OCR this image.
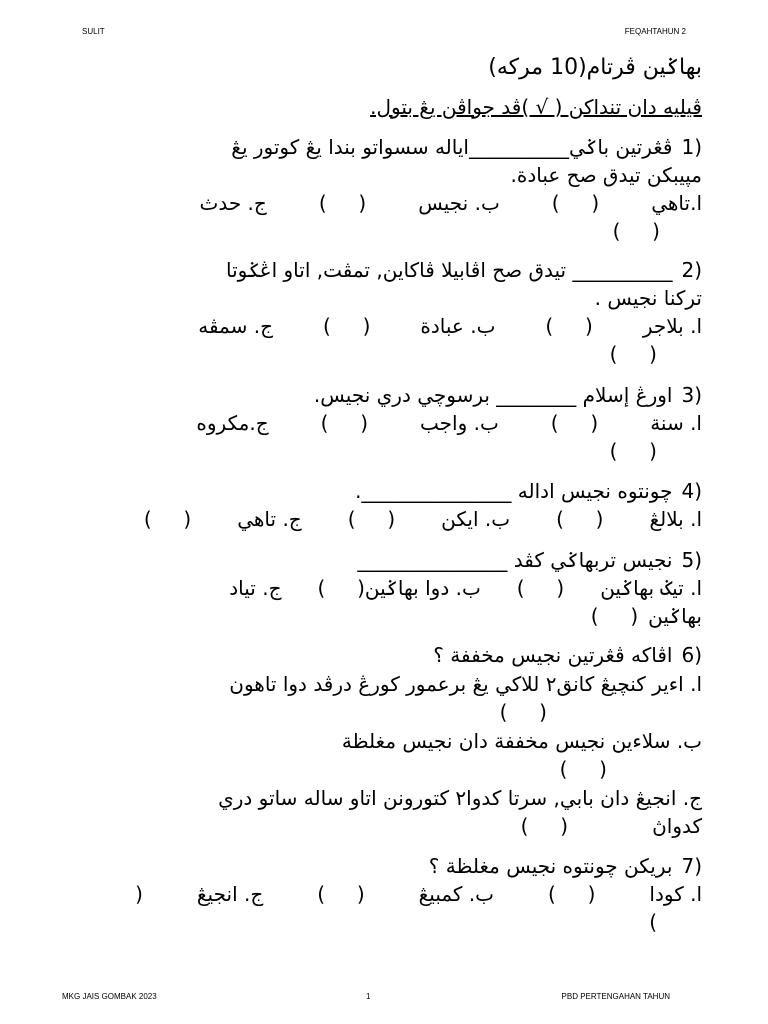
SULIT	FEQAHTAHUN 2
بهاݢين ڤرتام(10 مركه)
ڤيليه دان تنداكن ( √ )ڤد جواڤن يڠ بتول.
1)ڤڠرتين باݢي__________اياله سسواتو بندا يڠ كوتور يڠ
مپيبكن تيدق صح عبادة.
ا.تاهي
(     )
ب. نجيس
(     )
ج. حدث
(     )
2)__________ تيدق صح اڤابيلا ڤاكاين, تمڤت, اتاو اڠݢوتا
تركنا نجيس .
ا. بلاجر
(     )
ب. عبادة
(     )
ج. سمڤه
(     )
3)اورڠ إسلام ________ برسوچي دري نجيس.
ا. سنة
(     )
ب. واجب
(     )
ج.مكروه
(     )
4)چونتوه نجيس اداله _______________.
ا. بلالڠ
(     )
ب. ايكن
(     )
ج. تاهي
(     )
5)نجيس تربهاݢي كڤد _______________
ا. تيݢ بهاݢين
(     )
ب. دوا بهاݢين
(     )
ج. تياد
بهاݢين
(     )
6)اڤاكه ڤڠرتين نجيس مخففة ؟
ا. اءير كنچيڠ كانق٢ للاكي يڠ برعمور كورڠ درڤد دوا تاهون
(     )
ب. سلاءين نجيس مخففة دان نجيس مغلظة
(     )
ج. انجيڠ دان بابي, سرتا كدوا٢ كتورونن اتاو ساله ساتو دري
كدواڽ
(     )
7)بريكن چونتوه نجيس مغلظة ؟
ا. كودا
(     )
ب. كمبيڠ
(     )
ج. انجيڠ
(
)
MKG JAIS GOMBAK 2023	1	PBD PERTENGAHAN TAHUN
